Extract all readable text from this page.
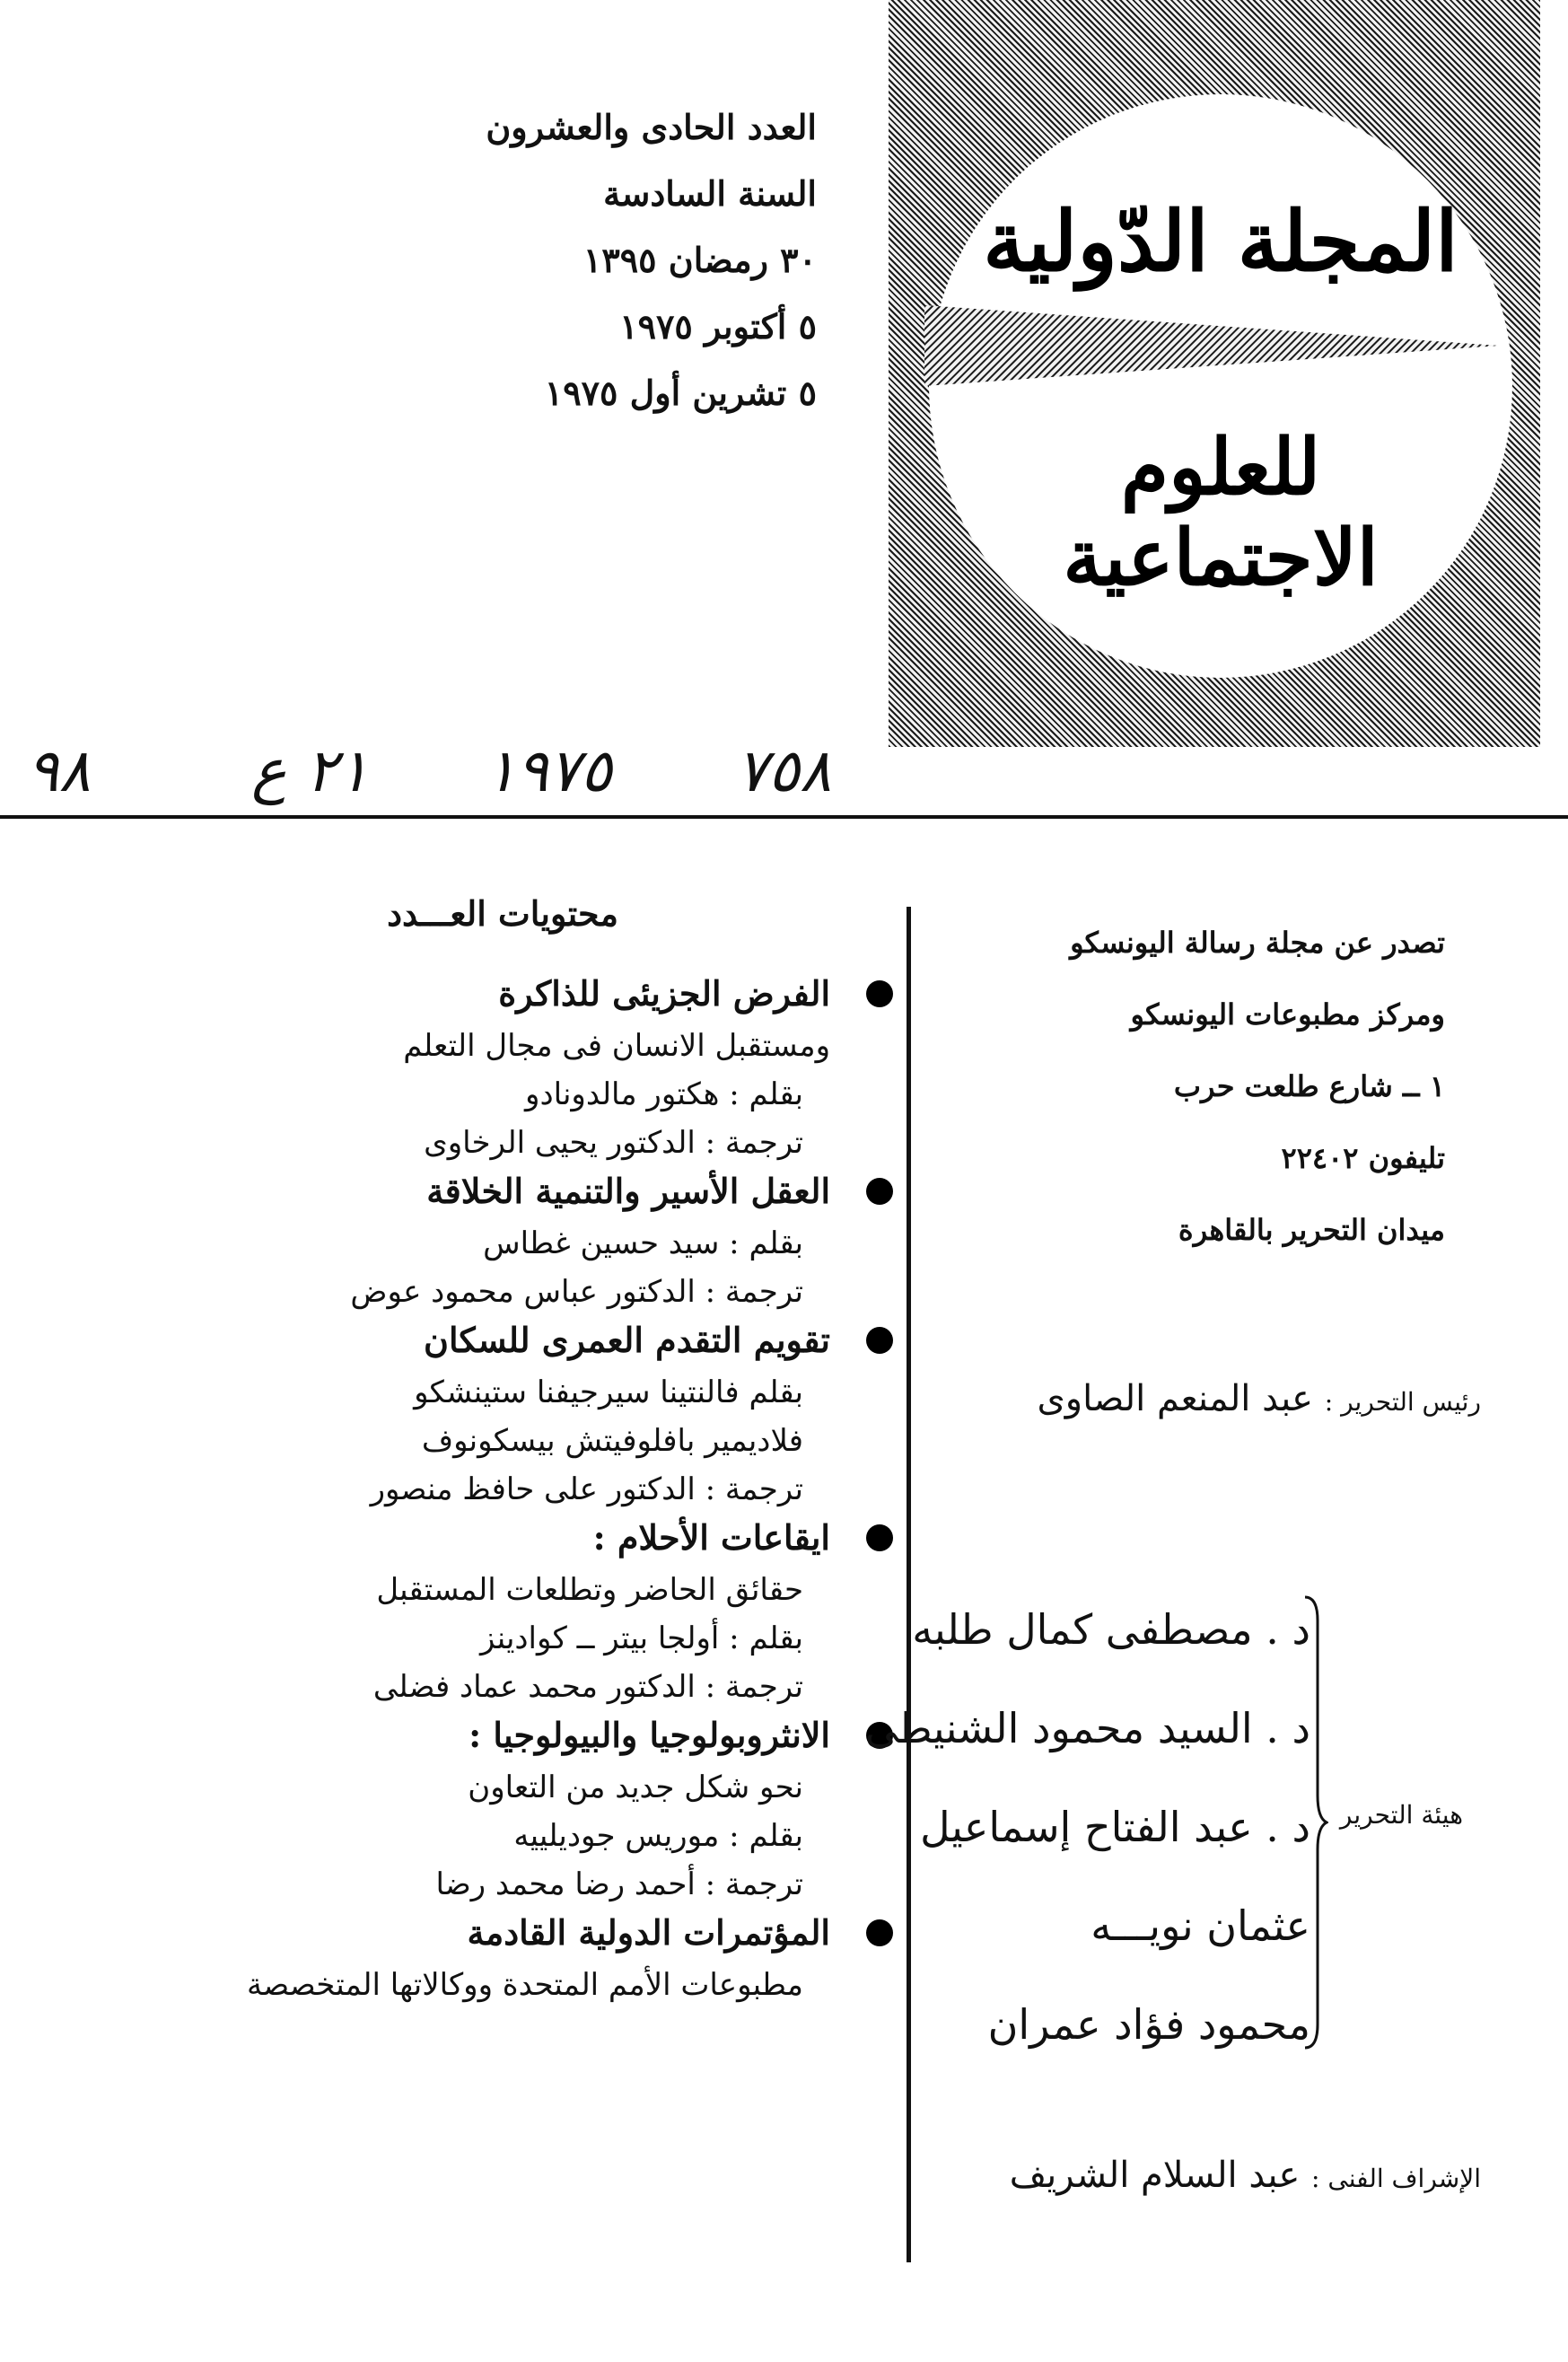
المجلة الدّولية
للعلوم الاجتماعية
العدد الحادى والعشرون
السنة السادسة
٣٠ رمضان ١٣٩٥
٥ أكتوبر ١٩٧٥
٥ تشرين أول ١٩٧٥
٩٨	٢١ ع ١٩٧٥ ٧٥٨
محتويات العـــدد
الفرض الجزيئى للذاكرة
ومستقبل الانسان فى مجال التعلم
بقلم : هكتور مالدونادو
ترجمة : الدكتور يحيى الرخاوى
العقل الأسير والتنمية الخلاقة
بقلم : سيد حسين غطاس
ترجمة : الدكتور عباس محمود عوض
تقويم التقدم العمرى للسكان
بقلم فالنتينا سيرجيفنا ستينشكو
فلاديمير بافلوفيتش بيسكونوف
ترجمة : الدكتور على حافظ منصور
ايقاعات الأحلام :
حقائق الحاضر وتطلعات المستقبل
بقلم : أولجا بيتر ــ كوادينز
ترجمة : الدكتور محمد عماد فضلى
الانثروبولوجيا والبيولوجيا :
نحو شكل جديد من التعاون
بقلم : موريس جوديلييه
ترجمة : أحمد رضا محمد رضا
المؤتمرات الدولية القادمة
مطبوعات الأمم المتحدة ووكالاتها المتخصصة
تصدر عن مجلة رسالة اليونسكو
ومركز مطبوعات اليونسكو
١ ــ شارع طلعت حرب
تليفون ٢٢٤٠٢
ميدان التحرير بالقاهرة
رئيس التحرير : عبد المنعم الصاوى
د . مصطفى كمال طلبه
د . السيد محمود الشنيطى
د . عبد الفتاح إسماعيل
عثمان نويـــه
محمود فؤاد عمران
هيئة التحرير
الإشراف الفنى : عبد السلام الشريف
